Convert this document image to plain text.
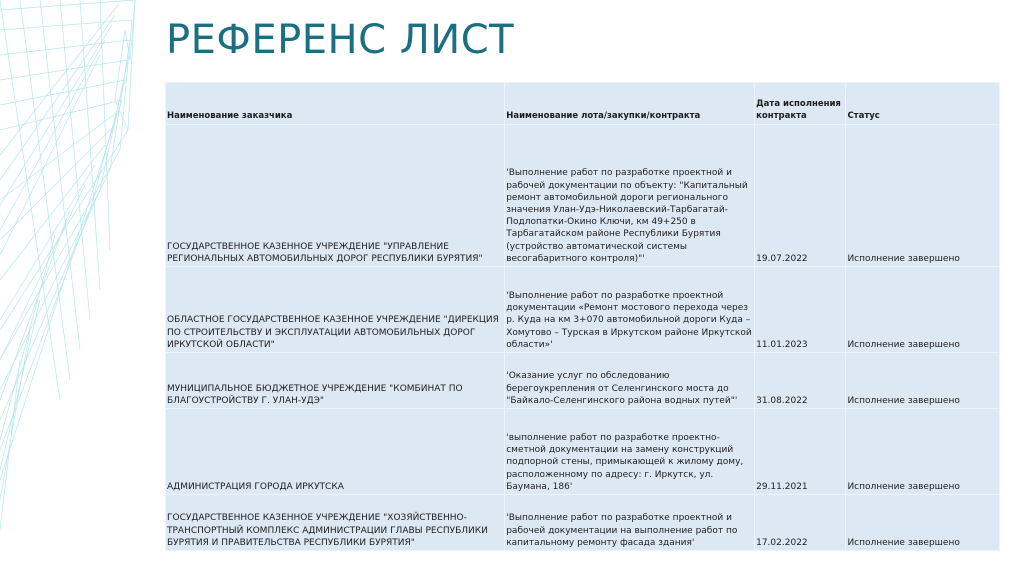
РЕФЕРЕНС ЛИСТ
Наименование заказчика	Наименование лота/закупки/контракта	Дата исполнения контракта	Статус
ГОСУДАРСТВЕННОЕ КАЗЕННОЕ УЧРЕЖДЕНИЕ "УПРАВЛЕНИЕ РЕГИОНАЛЬНЫХ АВТОМОБИЛЬНЫХ ДОРОГ РЕСПУБЛИКИ БУРЯТИЯ"	'Выполнение работ по разработке проектной и рабочей документации по объекту: "Капитальный ремонт автомобильной дороги регионального значения Улан-Удэ-Николаевский-Тарбагатай-Подлопатки-Окино Ключи, км 49+250 в Тарбагатайском районе Республики Бурятия (устройство автоматической системы весогабаритного контроля)"'	19.07.2022	Исполнение завершено
ОБЛАСТНОЕ ГОСУДАРСТВЕННОЕ КАЗЕННОЕ УЧРЕЖДЕНИЕ "ДИРЕКЦИЯ ПО СТРОИТЕЛЬСТВУ И ЭКСПЛУАТАЦИИ АВТОМОБИЛЬНЫХ ДОРОГ ИРКУТСКОЙ ОБЛАСТИ"	'Выполнение работ по разработке проектной документации «Ремонт мостового перехода через р. Куда на км 3+070 автомобильной дороги Куда – Хомутово – Турская в Иркутском районе Иркутской области»'	11.01.2023	Исполнение завершено
МУНИЦИПАЛЬНОЕ БЮДЖЕТНОЕ УЧРЕЖДЕНИЕ "КОМБИНАТ ПО БЛАГОУСТРОЙСТВУ Г. УЛАН-УДЭ"	'Оказание услуг по обследованию берегоукрепления от Селенгинского моста до "Байкало-Селенгинского района водных путей"'	31.08.2022	Исполнение завершено
АДМИНИСТРАЦИЯ ГОРОДА ИРКУТСКА	'выполнение работ по разработке проектно-сметной документации на замену конструкций подпорной стены, примыкающей к жилому дому, расположенному по адресу: г. Иркутск, ул. Баумана, 186'	29.11.2021	Исполнение завершено
ГОСУДАРСТВЕННОЕ КАЗЕННОЕ УЧРЕЖДЕНИЕ "ХОЗЯЙСТВЕННО-ТРАНСПОРТНЫЙ КОМПЛЕКС АДМИНИСТРАЦИИ ГЛАВЫ РЕСПУБЛИКИ БУРЯТИЯ И ПРАВИТЕЛЬСТВА РЕСПУБЛИКИ БУРЯТИЯ"	'Выполнение работ по разработке проектной и рабочей документации на выполнение работ по капитальному ремонту фасада здания'	17.02.2022	Исполнение завершено
